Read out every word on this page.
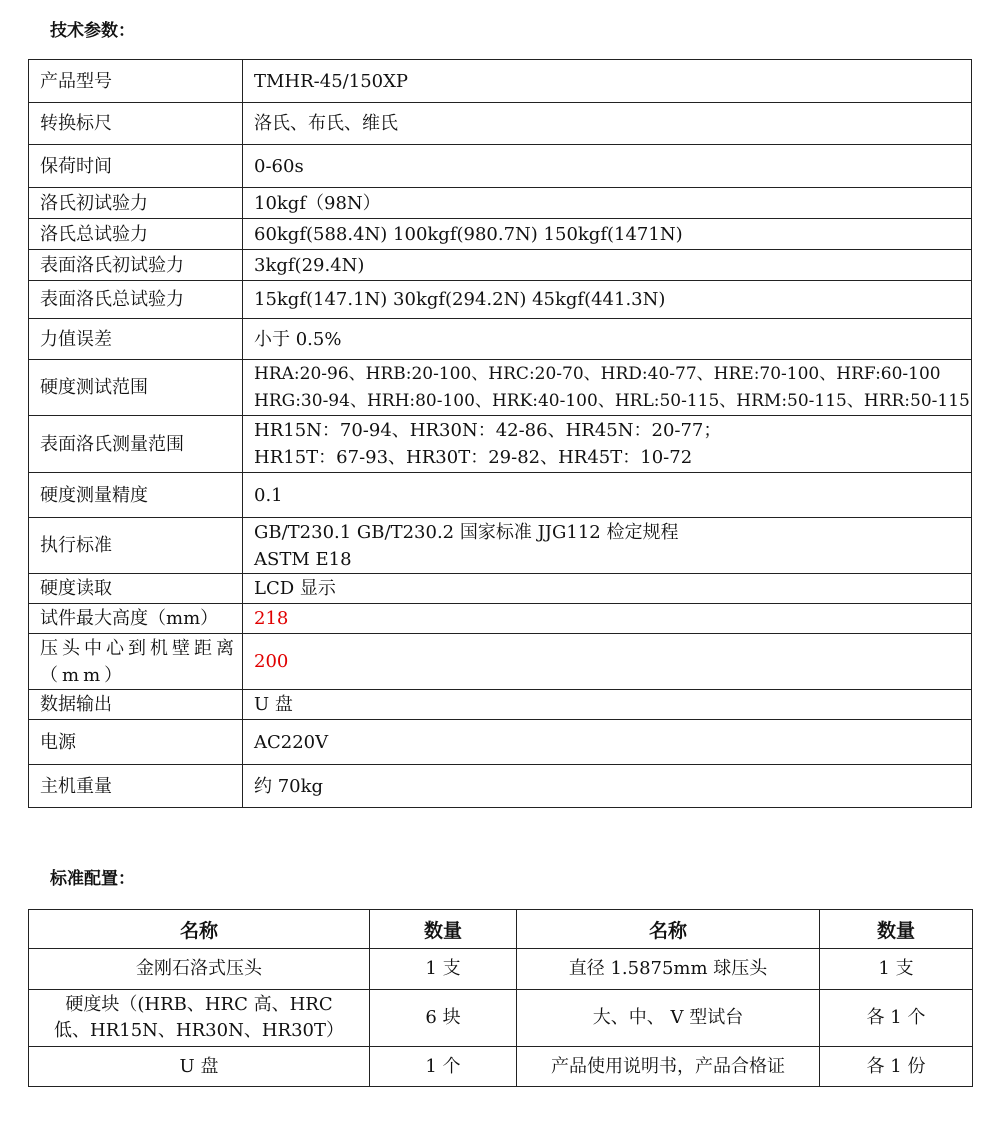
技术参数：
产品型号	TMHR-45/150XP

转换标尺	洛氏、布氏、维氏

保荷时间	0-60s

洛氏初试验力	10kgf（98N）

洛氏总试验力	60kgf(588.4N) 100kgf(980.7N) 150kgf(1471N)

表面洛氏初试验力	3kgf(29.4N)

表面洛氏总试验力	15kgf(147.1N) 30kgf(294.2N) 45kgf(441.3N)

力值误差	小于 0.5%

硬度测试范围	HRA:20-96、HRB:20-100、HRC:20-70、HRD:40-77、HRE:70-100、HRF:60-100
HRG:30-94、HRH:80-100、HRK:40-100、HRL:50-115、HRM:50-115、HRR:50-115

表面洛氏测量范围	HR15N：70-94、HR30N：42-86、HR45N：20-77；
HR15T：67-93、HR30T：29-82、HR45T：10-72

硬度测量精度	0.1

执行标准	GB/T230.1 GB/T230.2 国家标准 JJG112 检定规程
ASTM E18

硬度读取	LCD 显示

试件最大高度（mm）	218

压头中心到机壁距离（mm）	200

数据输出	U 盘

电源	AC220V

主机重量	约 70kg
标准配置：
名称	数量	名称	数量
金刚石洛式压头	1 支	直径 1.5875mm 球压头	1 支
硬度块（(HRB、HRC 高、HRC 低、HR15N、HR30N、HR30T）	6 块	大、中、 V 型试台	各 1 个
U 盘	1 个	产品使用说明书，产品合格证	各 1 份
